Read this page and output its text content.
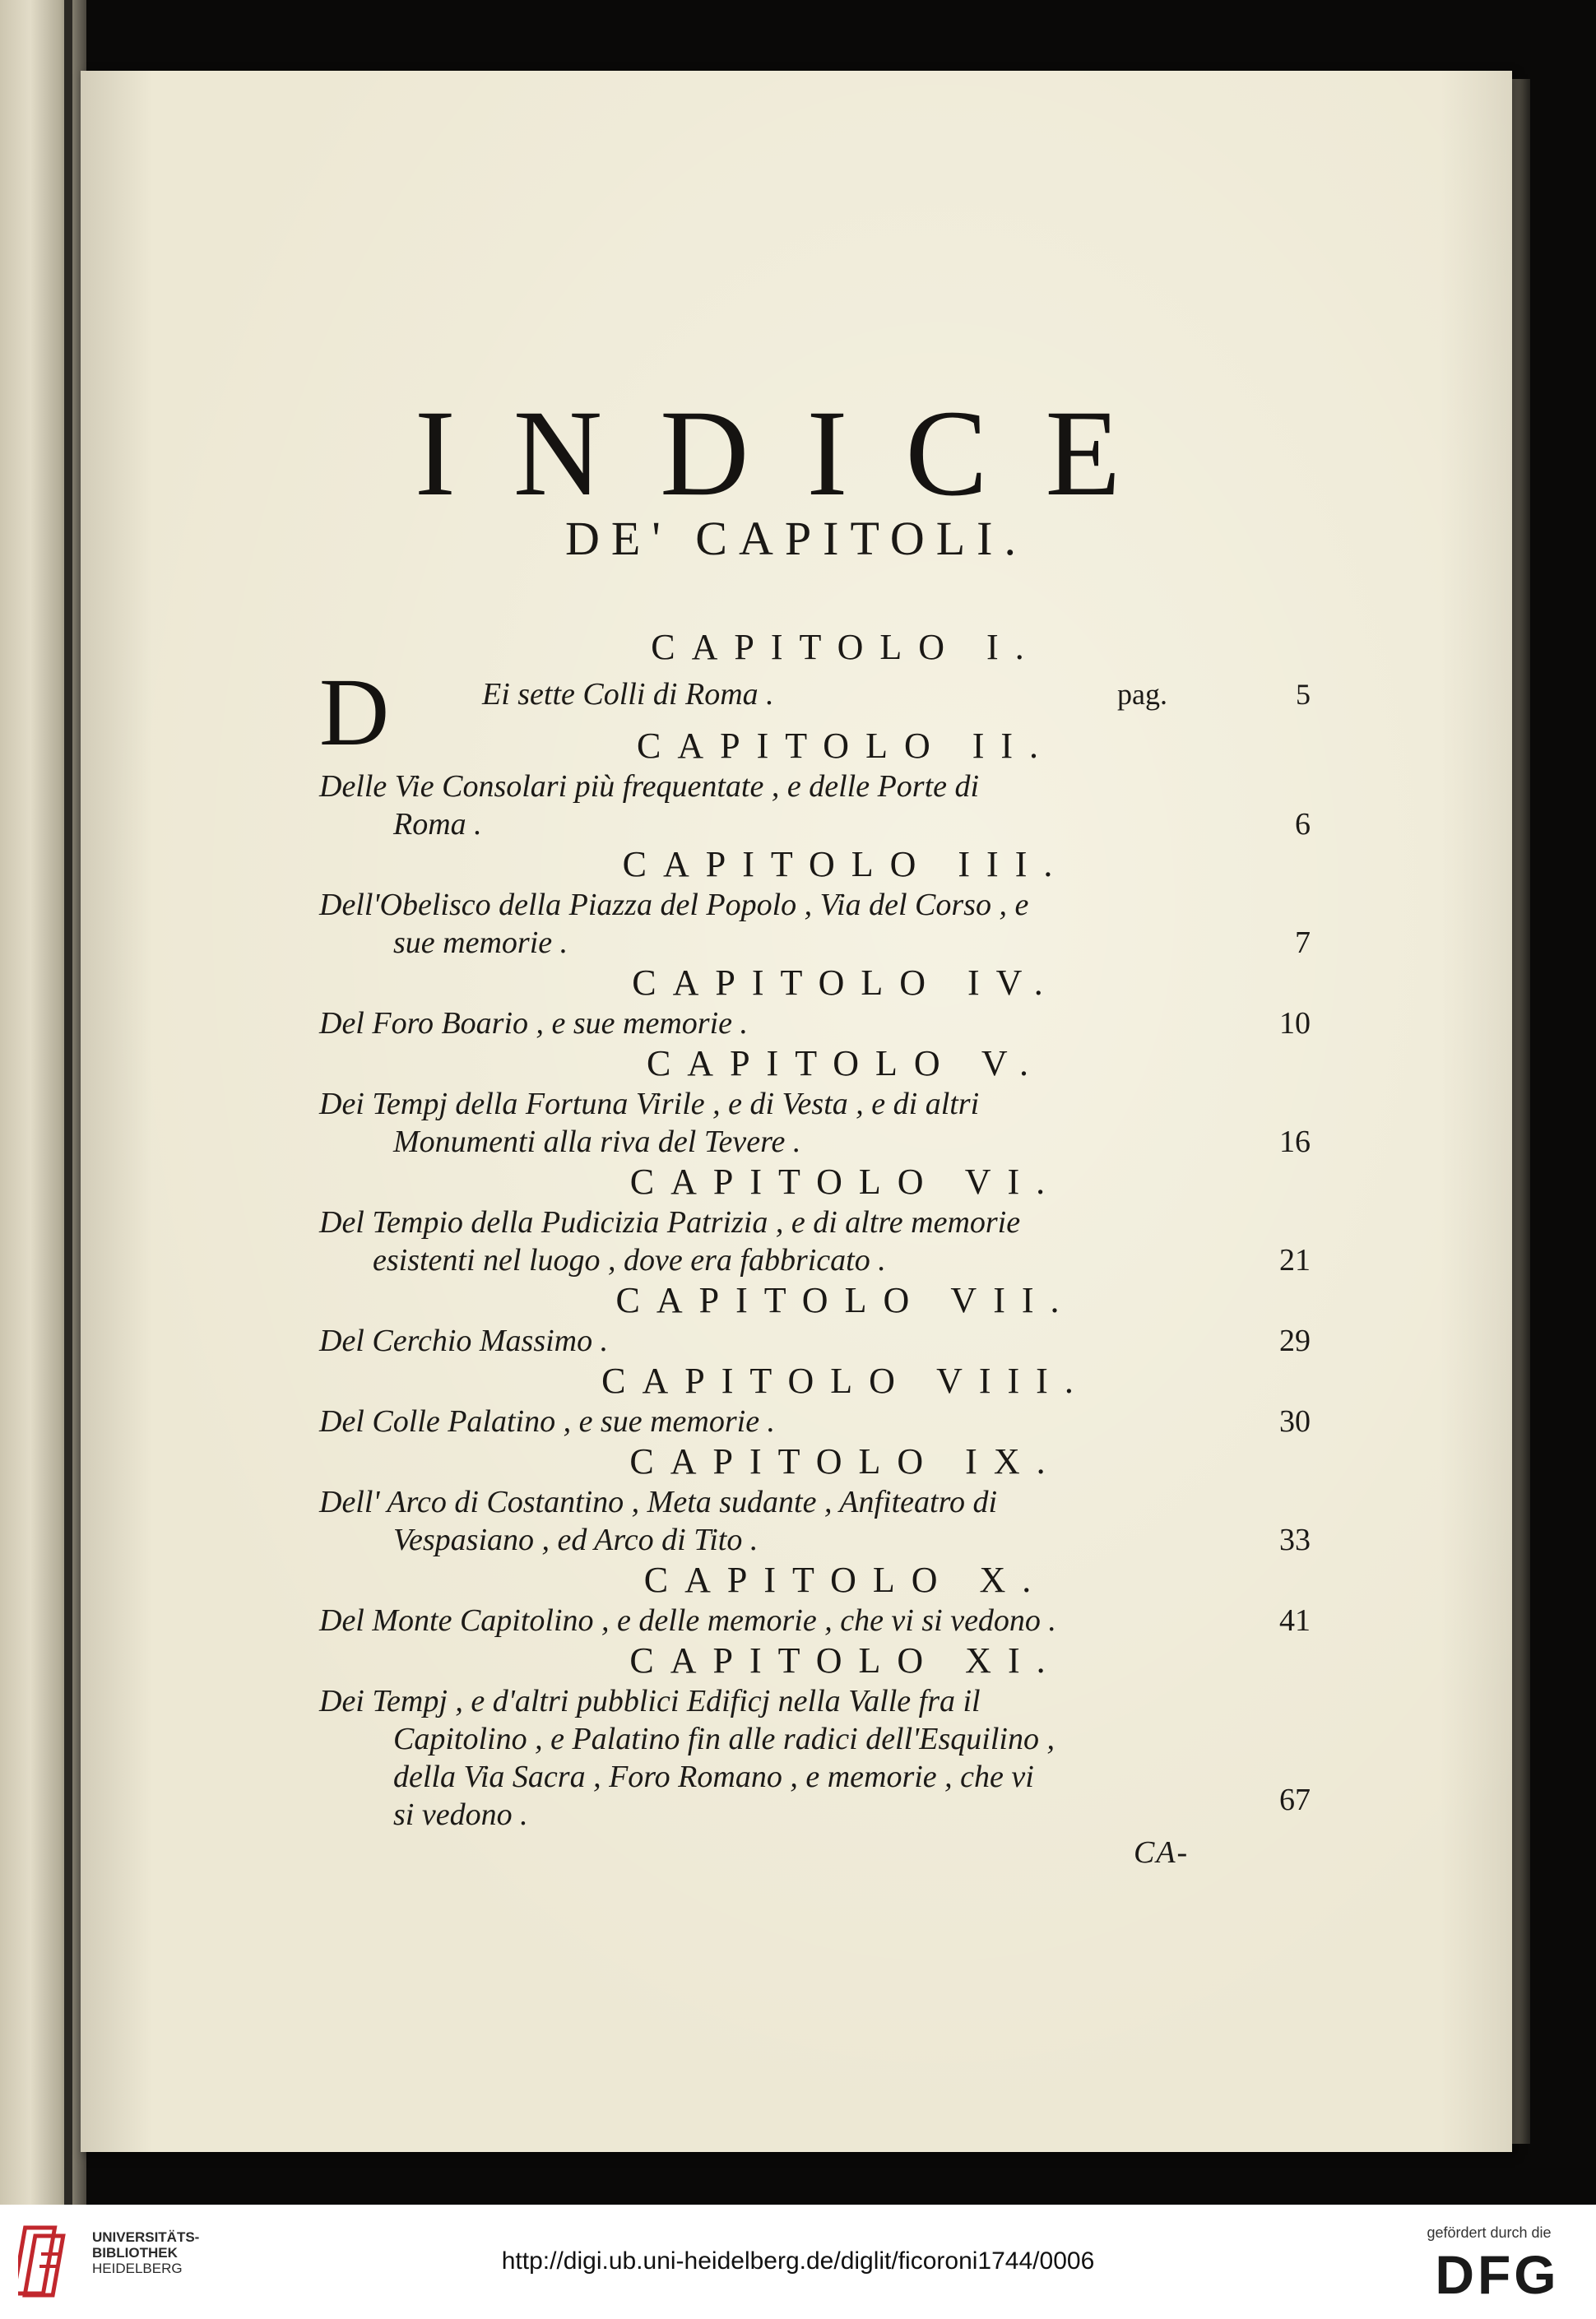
INDICE
DE' CAPITOLI.
CAPITOLO I.
D	Ei sette Colli di Roma .	pag.	5
CAPITOLO II.
Delle Vie Consolari più frequentate , e delle Porte di
Roma .	6
CAPITOLO III.
Dell'Obelisco della Piazza del Popolo , Via del Corso , e
sue memorie .	7
CAPITOLO IV.
Del Foro Boario , e sue memorie .	10
CAPITOLO V.
Dei Tempj della Fortuna Virile , e di Vesta , e di altri
Monumenti alla riva del Tevere .	16
CAPITOLO VI.
Del Tempio della Pudicizia Patrizia , e di altre memorie
esistenti nel luogo , dove era fabbricato .	21
CAPITOLO VII.
Del Cerchio Massimo .	29
CAPITOLO VIII.
Del Colle Palatino , e sue memorie .	30
CAPITOLO IX.
Dell' Arco di Costantino , Meta sudante , Anfiteatro di
Vespasiano , ed Arco di Tito .	33
CAPITOLO X.
Del Monte Capitolino , e delle memorie , che vi si vedono .	41
CAPITOLO XI.
Dei Tempj , e d'altri pubblici Edificj nella Valle fra il
Capitolino , e Palatino fin alle radici dell'Esquilino ,
della Via Sacra , Foro Romano , e memorie , che vi
si vedono .	67
CA-
UNIVERSITÄTS-
BIBLIOTHEK
HEIDELBERG	http://digi.ub.uni-heidelberg.de/diglit/ficoroni1744/0006
gefördert durch die
DFG
